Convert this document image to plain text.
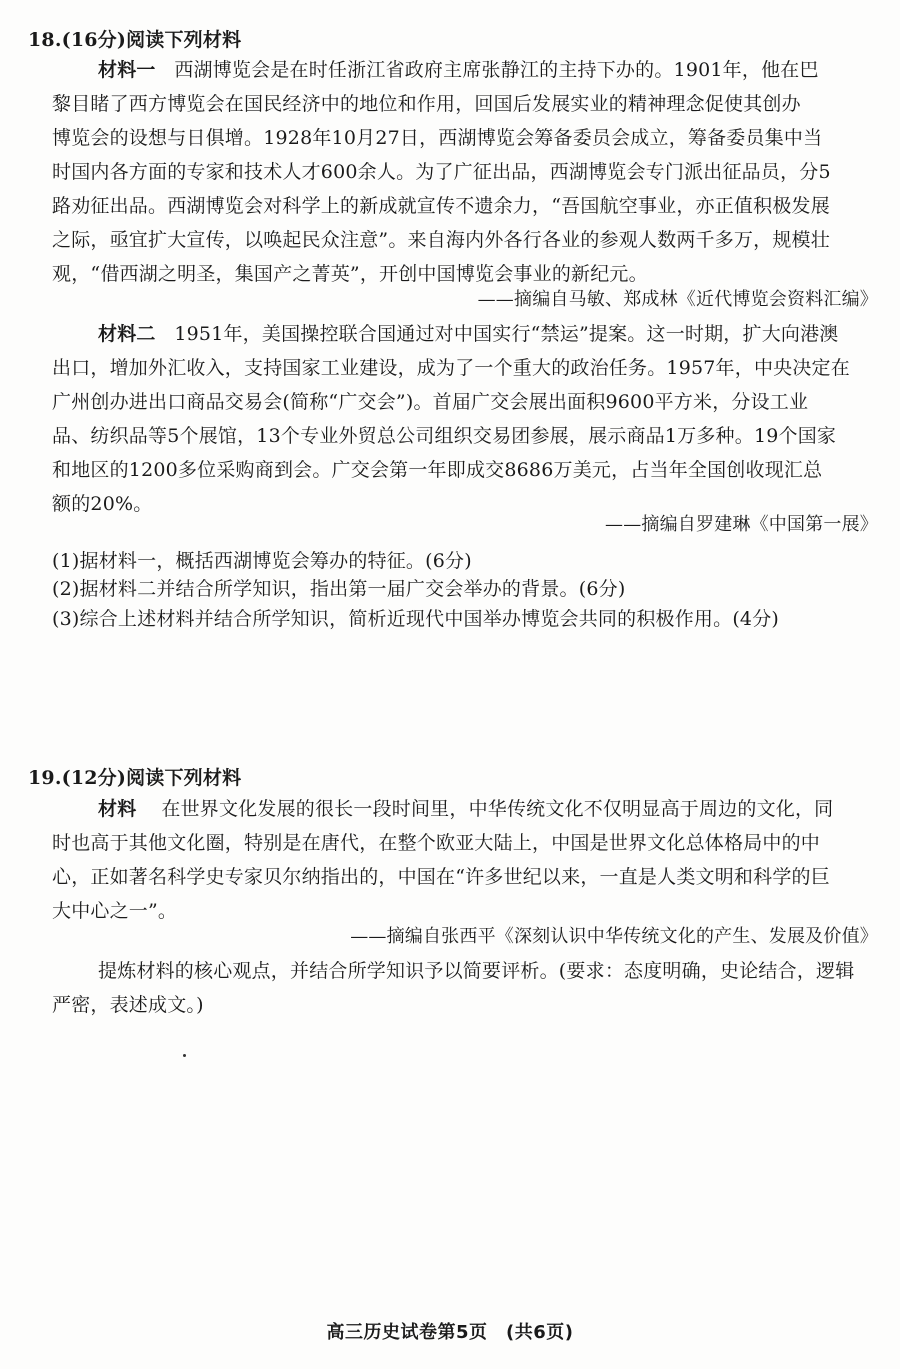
18.(16分)阅读下列材料
材料一 西湖博览会是在时任浙江省政府主席张静江的主持下办的。1901年，他在巴
黎目睹了西方博览会在国民经济中的地位和作用，回国后发展实业的精神理念促使其创办
博览会的设想与日俱增。1928年10月27日，西湖博览会筹备委员会成立，筹备委员集中当
时国内各方面的专家和技术人才600余人。为了广征出品，西湖博览会专门派出征品员，分5
路劝征出品。西湖博览会对科学上的新成就宣传不遗余力，“吾国航空事业，亦正值积极发展
之际，亟宜扩大宣传，以唤起民众注意”。来自海内外各行各业的参观人数两千多万，规模壮
观，“借西湖之明圣，集国产之菁英”，开创中国博览会事业的新纪元。
——摘编自马敏、郑成林《近代博览会资料汇编》
材料二 1951年，美国操控联合国通过对中国实行“禁运”提案。这一时期，扩大向港澳
出口，增加外汇收入，支持国家工业建设，成为了一个重大的政治任务。1957年，中央决定在
广州创办进出口商品交易会(简称“广交会”)。首届广交会展出面积9600平方米，分设工业
品、纺织品等5个展馆，13个专业外贸总公司组织交易团参展，展示商品1万多种。19个国家
和地区的1200多位采购商到会。广交会第一年即成交8686万美元，占当年全国创收现汇总
额的20%。
——摘编自罗建琳《中国第一展》
(1)据材料一，概括西湖博览会筹办的特征。(6分)
(2)据材料二并结合所学知识，指出第一届广交会举办的背景。(6分)
(3)综合上述材料并结合所学知识，简析近现代中国举办博览会共同的积极作用。(4分)
19.(12分)阅读下列材料
材料 在世界文化发展的很长一段时间里，中华传统文化不仅明显高于周边的文化，同
时也高于其他文化圈，特别是在唐代，在整个欧亚大陆上，中国是世界文化总体格局中的中
心，正如著名科学史专家贝尔纳指出的，中国在“许多世纪以来，一直是人类文明和科学的巨
大中心之一”。
——摘编自张西平《深刻认识中华传统文化的产生、发展及价值》
提炼材料的核心观点，并结合所学知识予以简要评析。(要求：态度明确，史论结合，逻辑
严密，表述成文。)
高三历史试卷第5页　(共6页)
